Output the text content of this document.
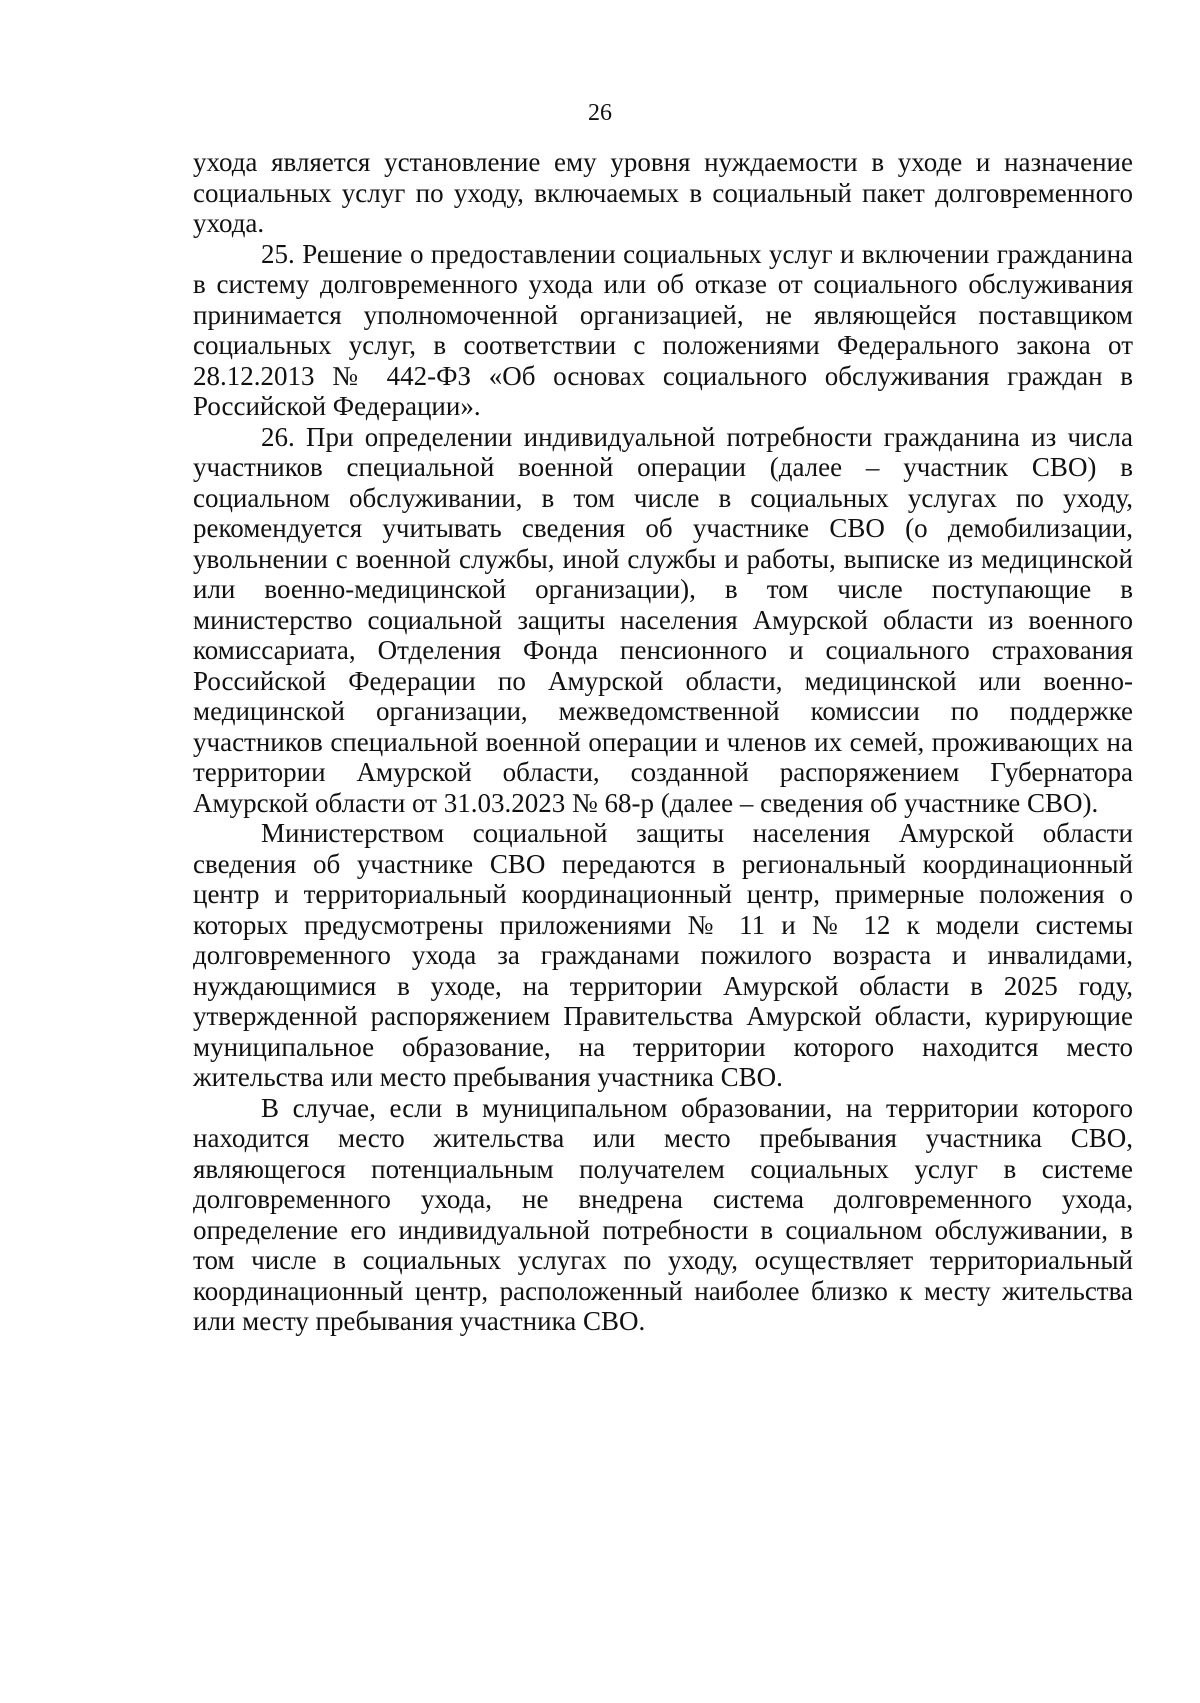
26

ухода является установление ему уровня нуждаемости в уходе и назначение социальных услуг по уходу, включаемых в социальный пакет долговременного ухода.

25. Решение о предоставлении социальных услуг и включении гражданина в систему долговременного ухода или об отказе от социального обслуживания принимается уполномоченной организацией, не являющейся поставщиком социальных услуг, в соответствии с положениями Федерального закона от 28.12.2013 № 442-ФЗ «Об основах социального обслуживания граждан в Российской Федерации».

26. При определении индивидуальной потребности гражданина из числа участников специальной военной операции (далее – участник СВО) в социальном обслуживании, в том числе в социальных услугах по уходу, рекомендуется учитывать сведения об участнике СВО (о демобилизации, увольнении с военной службы, иной службы и работы, выписке из медицинской или военно-медицинской организации), в том числе поступающие в министерство социальной защиты населения Амурской области из военного комиссариата, Отделения Фонда пенсионного и социального страхования Российской Федерации по Амурской области, медицинской или военно-медицинской организации, межведомственной комиссии по поддержке участников специальной военной операции и членов их семей, проживающих на территории Амурской области, созданной распоряжением Губернатора Амурской области от 31.03.2023 № 68-р (далее – сведения об участнике СВО).

Министерством социальной защиты населения Амурской области сведения об участнике СВО передаются в региональный координационный центр и территориальный координационный центр, примерные положения о которых предусмотрены приложениями № 11 и № 12 к модели системы долговременного ухода за гражданами пожилого возраста и инвалидами, нуждающимися в уходе, на территории Амурской области в 2025 году, утвержденной распоряжением Правительства Амурской области, курирующие муниципальное образование, на территории которого находится место жительства или место пребывания участника СВО.

В случае, если в муниципальном образовании, на территории которого находится место жительства или место пребывания участника СВО, являющегося потенциальным получателем социальных услуг в системе долговременного ухода, не внедрена система долговременного ухода, определение его индивидуальной потребности в социальном обслуживании, в том числе в социальных услугах по уходу, осуществляет территориальный координационный центр, расположенный наиболее близко к месту жительства или месту пребывания участника СВО.
